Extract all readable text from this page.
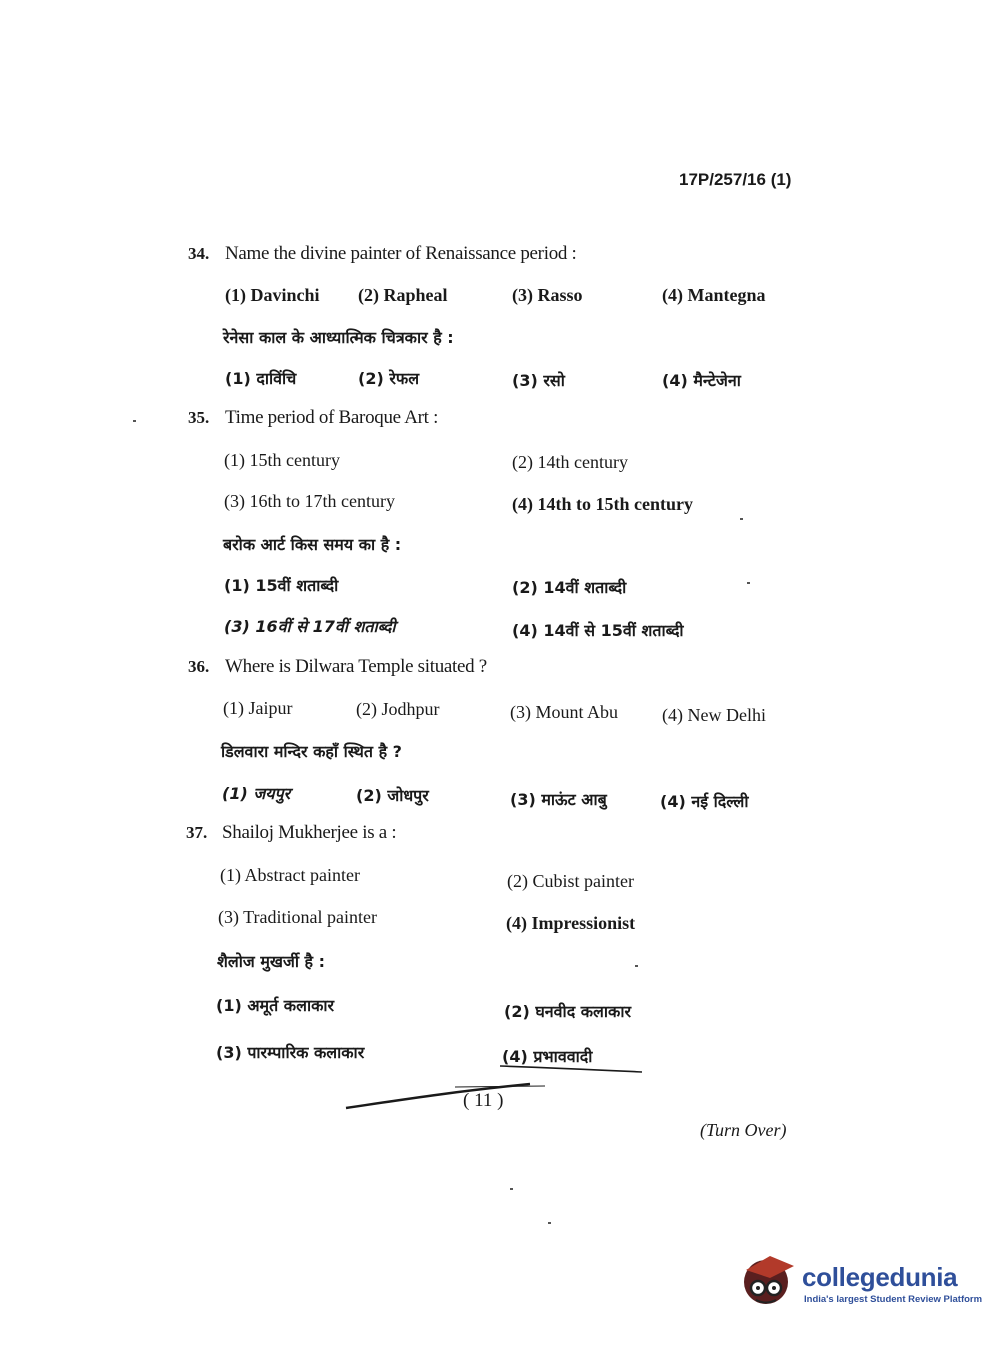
17P/257/16 (1)
34. Name the divine painter of Renaissance period :
(1) Davinchi (2) Rapheal	(3) Rasso	(4) Mantegna
रेनेसा काल के आध्यात्मिक चित्रकार है :
(1) दाविंचि	(2) रेफल	(3) रसो	(4) मैन्टेजेना
35. Time period of Baroque Art :
(1) 15th century	(2) 14th century
(3) 16th to 17th century	(4) 14th to 15th century
बरोक आर्ट किस समय का है :
(1) 15वीं शताब्दी	(2) 14वीं शताब्दी
(3) 16वीं से 17वीं शताब्दी	(4) 14वीं से 15वीं शताब्दी
36. Where is Dilwara Temple situated ?
(1) Jaipur	(2) Jodhpur	(3) Mount Abu (4) New Delhi
डिलवारा मन्दिर कहाँ स्थित है ?
(1) जयपुर	(2) जोधपुर	(3) माऊंट आबु	(4) नई दिल्ली
37. Shailoj Mukherjee is a :
(1) Abstract painter	(2) Cubist painter
(3) Traditional painter	(4) Impressionist
शैलोज मुखर्जी है :
(1) अमूर्त कलाकार	(2) घनवीद कलाकार
(3) पारम्पारिक कलाकार	(4) प्रभाववादी
( 11 )
(Turn Over)
collegedunia
India's largest Student Review Platform
